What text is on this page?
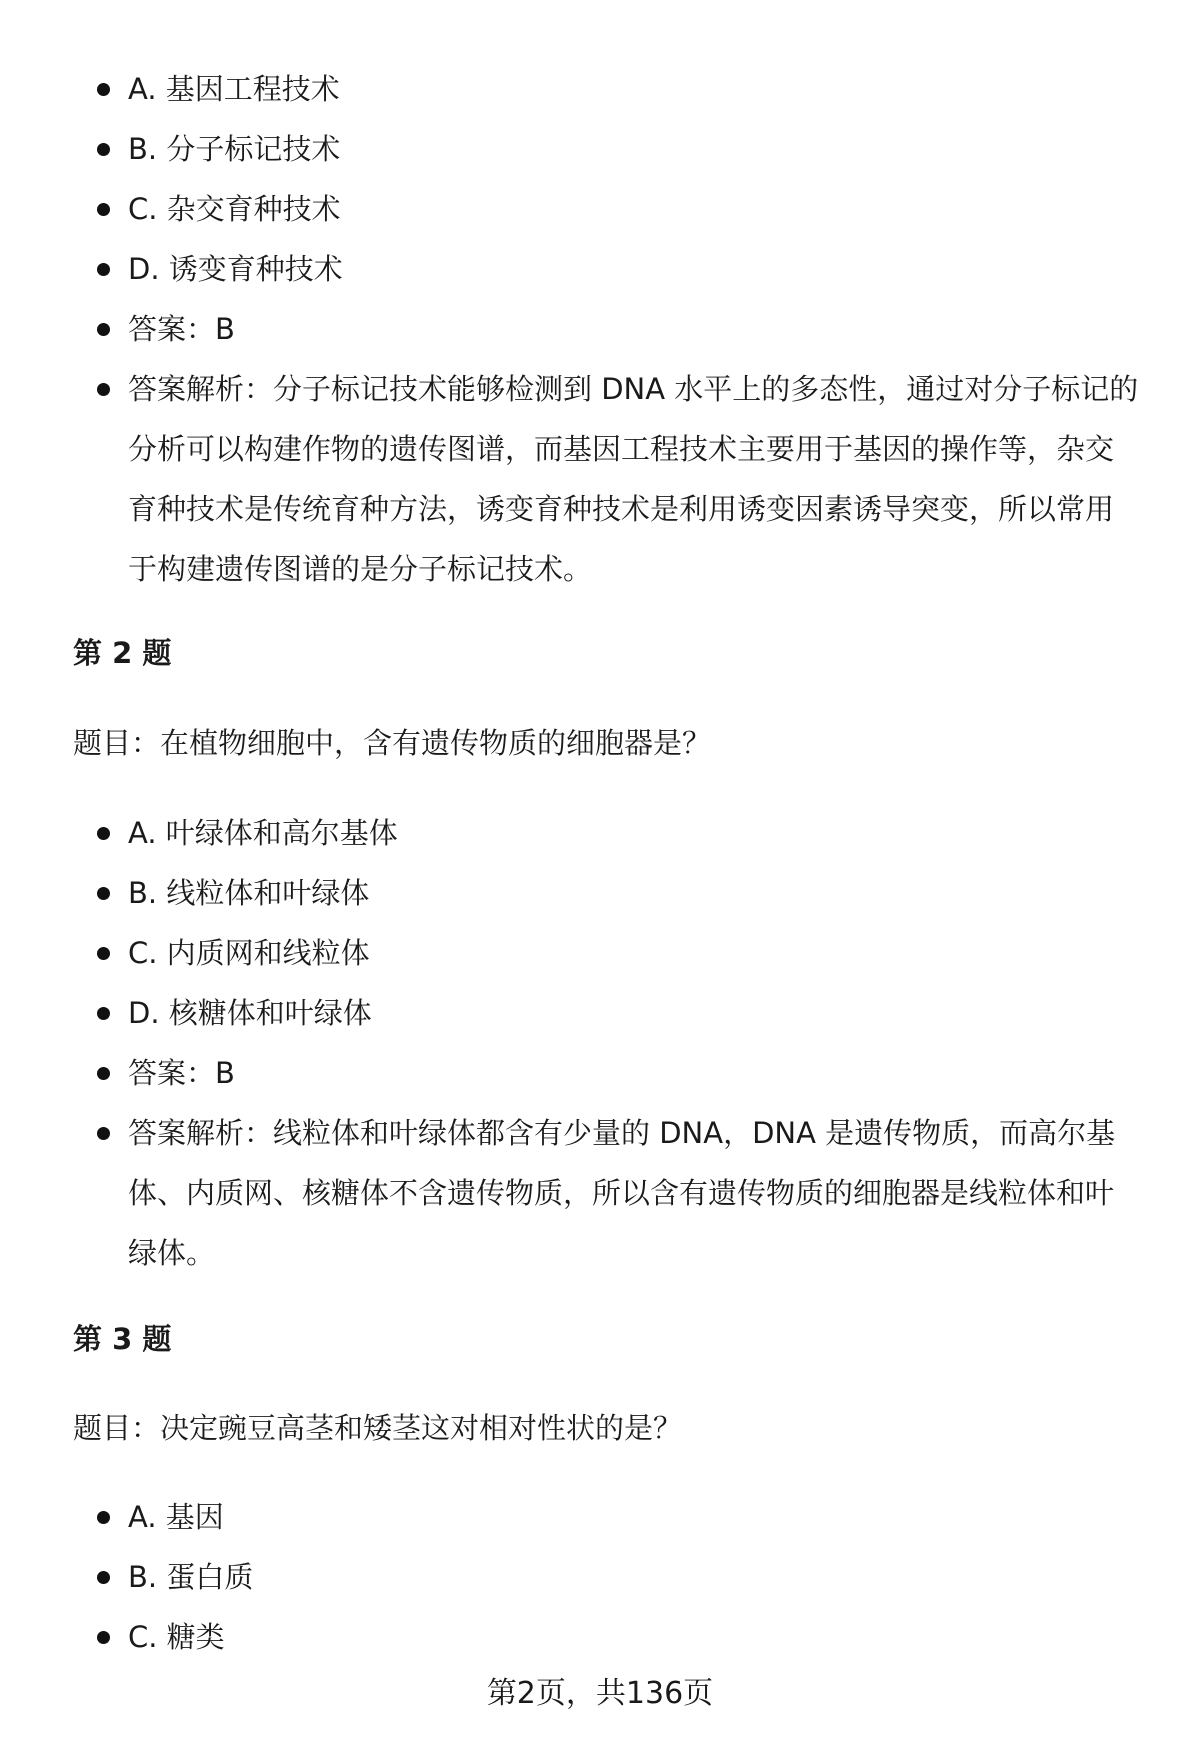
A. 基因工程技术
B. 分子标记技术
C. 杂交育种技术
D. 诱变育种技术
答案：B
答案解析：分子标记技术能够检测到 DNA 水平上的多态性，通过对分子标记的分析可以构建作物的遗传图谱，而基因工程技术主要用于基因的操作等，杂交育种技术是传统育种方法，诱变育种技术是利用诱变因素诱导突变，所以常用于构建遗传图谱的是分子标记技术。
第 2 题

题目：在植物细胞中，含有遗传物质的细胞器是？

A. 叶绿体和高尔基体
B. 线粒体和叶绿体
C. 内质网和线粒体
D. 核糖体和叶绿体
答案：B
答案解析：线粒体和叶绿体都含有少量的 DNA，DNA 是遗传物质，而高尔基体、内质网、核糖体不含遗传物质，所以含有遗传物质的细胞器是线粒体和叶绿体。
第 3 题

题目：决定豌豆高茎和矮茎这对相对性状的是？

A. 基因
B. 蛋白质
C. 糖类
第2页，共136页
